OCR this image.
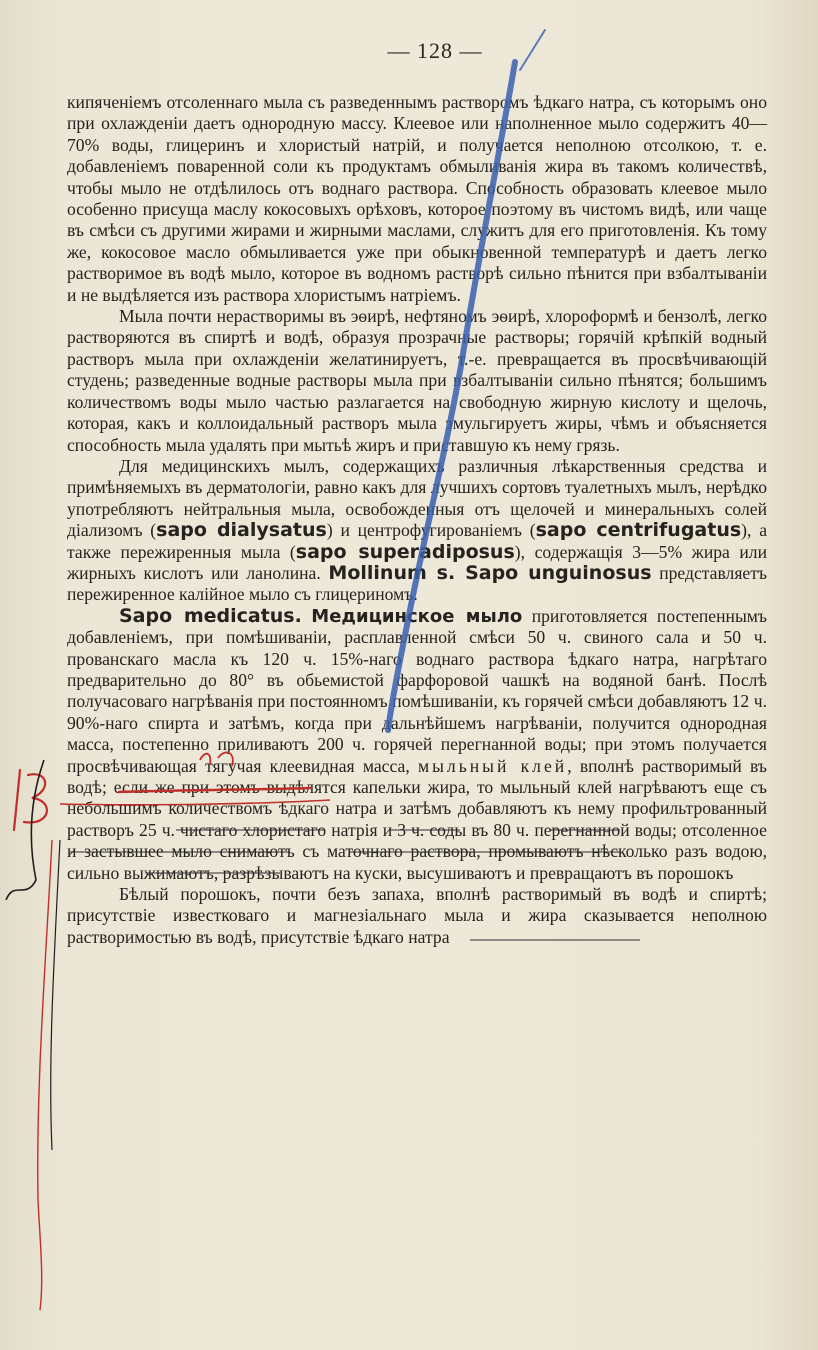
— 128 —

кипяченіемъ отсоленнаго мыла съ разведеннымъ растворомъ ѣдкаго натра, съ которымъ оно при охлажденіи даетъ однородную массу. Клеевое или наполненное мыло содержитъ 40—70% воды, глицеринъ и хлористый натрій, и получается неполною отсолкою, т. е. добавленіемъ поваренной соли къ продуктамъ обмыливанія жира въ такомъ количествѣ, чтобы мыло не отдѣлилось отъ воднаго раствора. Способность образовать клеевое мыло особенно присуща маслу кокосовыхъ орѣховъ, которое поэтому въ чистомъ видѣ, или чаще въ смѣси съ другими жирами и жирными маслами, служитъ для его приготовленія. Къ тому же, кокосовое масло обмыливается уже при обыкновенной температурѣ и даетъ легко растворимое въ водѣ мыло, которое въ водномъ растворѣ сильно пѣнится при взбалтываніи и не выдѣляется изъ раствора хлористымъ натріемъ.

Мыла почти нерастворимы въ эѳирѣ, нефтяномъ эѳирѣ, хлороформѣ и бензолѣ, легко растворяются въ спиртѣ и водѣ, образуя прозрачные растворы; горячій крѣпкій водный растворъ мыла при охлажденіи желатинируетъ, т.-е. превращается въ просвѣчивающій студень; разведенные водные растворы мыла при взбалтываніи сильно пѣнятся; большимъ количествомъ воды мыло частью разлагается на свободную жирную кислоту и щелочь, которая, какъ и коллоидальный растворъ мыла эмульгируетъ жиры, чѣмъ и объясняется способность мыла удалять при мытьѣ жиръ и приставшую къ нему грязь.

Для медицинскихъ мылъ, содержащихъ различныя лѣкарственныя средства и примѣняемыхъ въ дерматологіи, равно какъ для лучшихъ сортовъ туалетныхъ мылъ, нерѣдко употребляютъ нейтральныя мыла, освобожденныя отъ щелочей и минеральныхъ солей діализомъ (sapo dialysatus) и центрофугированіемъ (sapo centrifugatus), а также пережиренныя мыла (sapo superadiposus), содержащія 3—5% жира или жирныхъ кислотъ или ланолина. Mollinum s. Sapo unguinosus представляетъ пережиренное калійное мыло съ глицериномъ.

Sapo medicatus. Медицинское мыло приготовляется постепеннымъ добавленіемъ, при помѣшиваніи, расплавленной смѣси 50 ч. свиного сала и 50 ч. прованскаго масла къ 120 ч. 15%-наго воднаго раствора ѣдкаго натра, нагрѣтаго предварительно до 80° въ обьемистой фарфоровой чашкѣ на водяной банѣ. Послѣ получасоваго нагрѣванія при постоянномъ помѣшиваніи, къ горячей смѣси добавляютъ 12 ч. 90%-наго спирта и затѣмъ, когда при дальнѣйшемъ нагрѣваніи, получится однородная масса, постепенно приливаютъ 200 ч. горячей перегнанной воды; при этомъ получается просвѣчивающая тягучая клеевидная масса, мыльный клей, вполнѣ растворимый въ водѣ; если же при этомъ выдѣлятся капельки жира, то мыльный клей нагрѣваютъ еще съ небольшимъ количествомъ ѣдкаго натра и затѣмъ добавляютъ къ нему профильтрованный растворъ 25 ч. чистаго хлористаго натрія и 3 ч. соды въ 80 ч. перегнанной воды; отсоленное и застывшее мыло снимаютъ съ маточнаго раствора, промываютъ нѣсколько разъ водою, сильно выжимаютъ, разрѣзываютъ на куски, высушиваютъ и превращаютъ въ порошокъ

Бѣлый порошокъ, почти безъ запаха, вполнѣ растворимый въ водѣ и спиртѣ; присутствіе известковаго и магнезіальнаго мыла и жира сказывается неполною растворимостью въ водѣ, присутствіе ѣдкаго натра
